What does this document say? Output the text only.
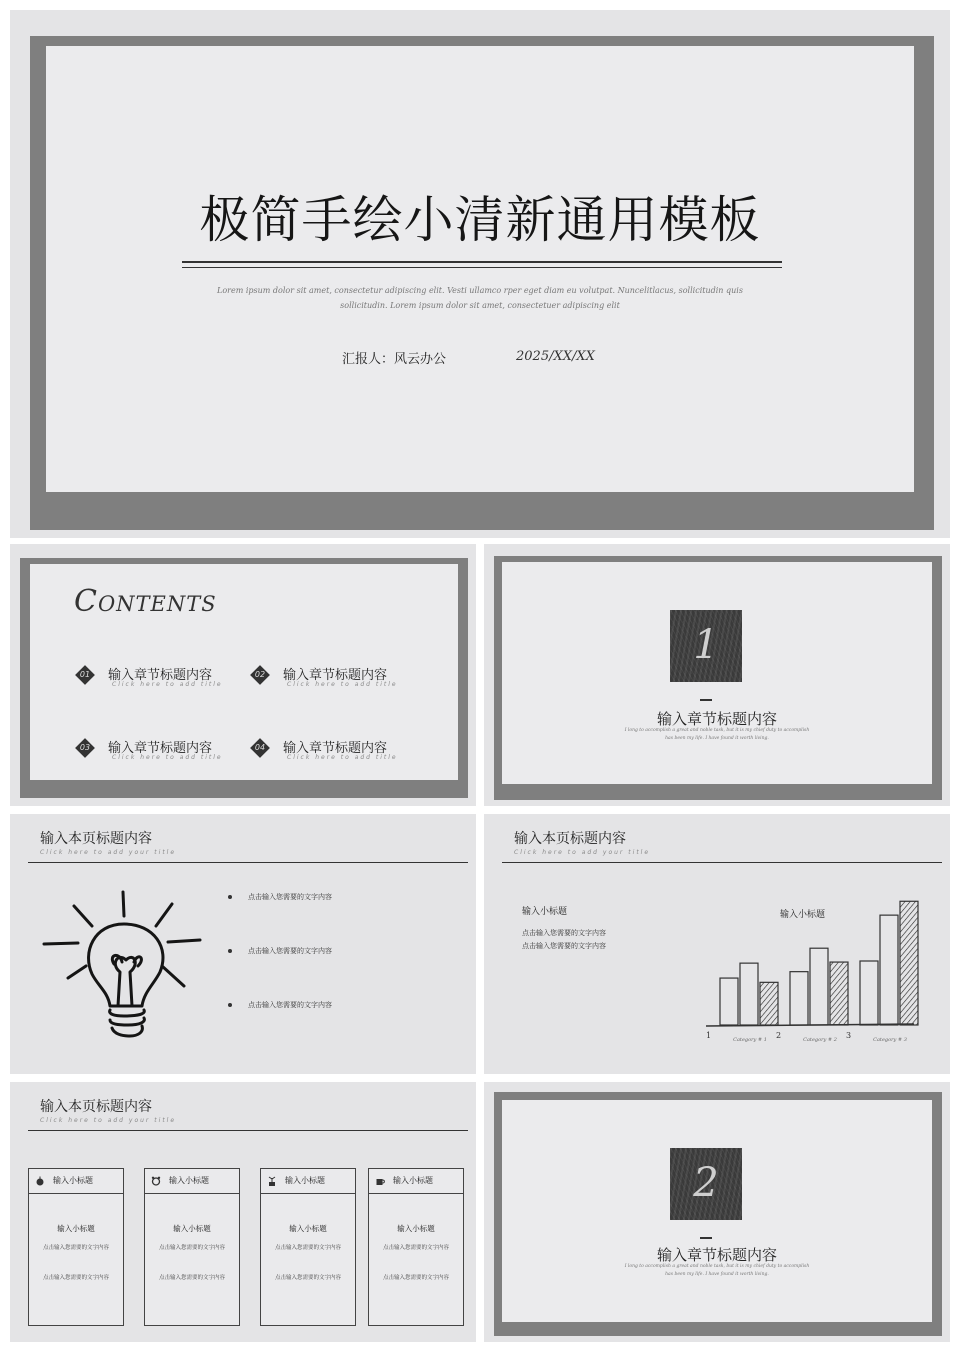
极简手绘小清新通用模板
Lorem ipsum dolor sit amet, consectetur adipiscing elit. Vesti ullamco rper eget diam eu volutpat. Nuncelitlacus, sollicitudin quis
sollicitudin. Lorem ipsum dolor sit amet, consectetuer adipiscing elit
汇报人：风云办公	2025/XX/XX
Contents
01	输入章节标题内容
Click here to add title
02	输入章节标题内容
Click here to add title
03	输入章节标题内容
Click here to add title
04	输入章节标题内容
Click here to add title
1
输入章节标题内容
I long to accomplish a great and noble task, but it is my chief duty to accomplish
has been my life. I have found it worth living.
输入本页标题内容
Click here to add your title
点击输入您需要的文字内容
点击输入您需要的文字内容
点击输入您需要的文字内容
输入本页标题内容
Click here to add your title
输入小标题
点击输入您需要的文字内容
点击输入您需要的文字内容
输入小标题
1	Category # 1 2	Category # 2 3	Category # 3
输入本页标题内容
Click here to add your title
输入小标题
输入小标题
点击输入您需要的文字内容
点击输入您需要的文字内容
输入小标题
输入小标题
点击输入您需要的文字内容
点击输入您需要的文字内容
输入小标题
输入小标题
点击输入您需要的文字内容
点击输入您需要的文字内容
输入小标题
输入小标题
点击输入您需要的文字内容
点击输入您需要的文字内容
2
输入章节标题内容
I long to accomplish a great and noble task, but it is my chief duty to accomplish
has been my life. I have found it worth living.
